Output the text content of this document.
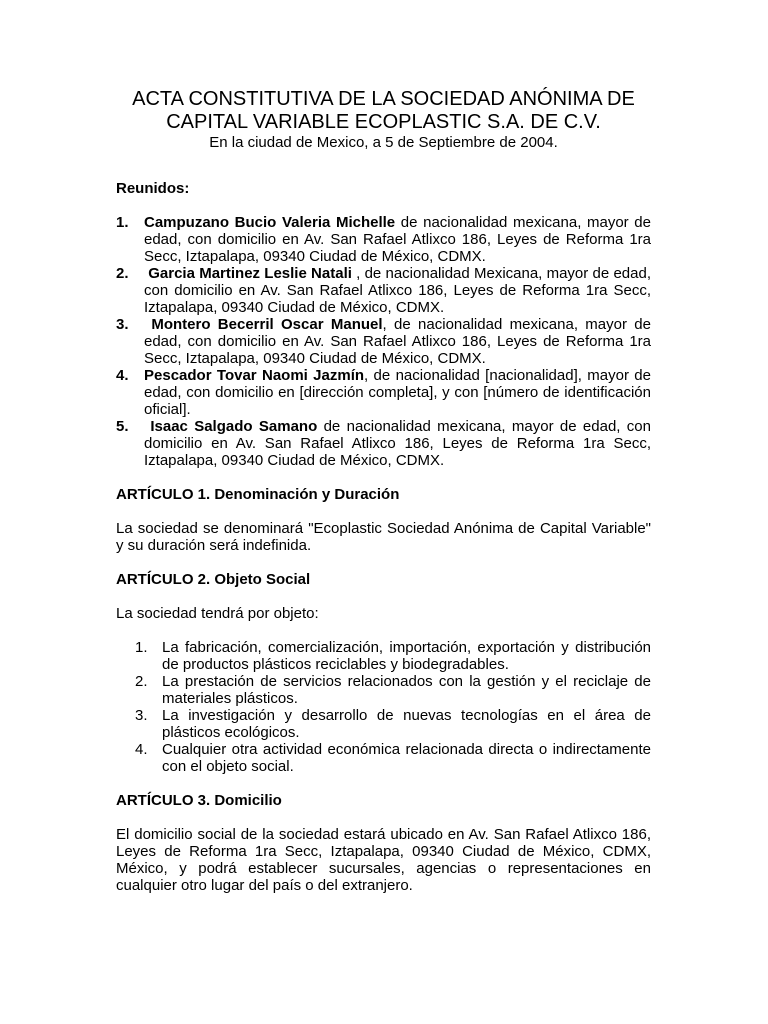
ACTA CONSTITUTIVA DE LA SOCIEDAD ANÓNIMA DE
CAPITAL VARIABLE ECOPLASTIC S.A. DE C.V.
En la ciudad de Mexico, a 5 de Septiembre de 2004.

Reunidos:

1.	Campuzano Bucio Valeria Michelle de nacionalidad mexicana, mayor de edad, con domicilio en Av. San Rafael Atlixco 186, Leyes de Reforma 1ra Secc, Iztapalapa, 09340 Ciudad de México, CDMX.
2.	Garcia Martinez Leslie Natali , de nacionalidad Mexicana, mayor de edad, con domicilio en Av. San Rafael Atlixco 186, Leyes de Reforma 1ra Secc, Iztapalapa, 09340 Ciudad de México, CDMX.
3.	Montero Becerril Oscar Manuel, de nacionalidad mexicana, mayor de edad, con domicilio en Av. San Rafael Atlixco 186, Leyes de Reforma 1ra Secc, Iztapalapa, 09340 Ciudad de México, CDMX.
4.	Pescador Tovar Naomi Jazmín, de nacionalidad [nacionalidad], mayor de edad, con domicilio en [dirección completa], y con [número de identificación oficial].
5.	Isaac Salgado Samano de nacionalidad mexicana, mayor de edad, con domicilio en Av. San Rafael Atlixco 186, Leyes de Reforma 1ra Secc, Iztapalapa, 09340 Ciudad de México, CDMX.

ARTÍCULO 1. Denominación y Duración

La sociedad se denominará "Ecoplastic Sociedad Anónima de Capital Variable" y su duración será indefinida.

ARTÍCULO 2. Objeto Social

La sociedad tendrá por objeto:

1. La fabricación, comercialización, importación, exportación y distribución de productos plásticos reciclables y biodegradables.
2. La prestación de servicios relacionados con la gestión y el reciclaje de materiales plásticos.
3. La investigación y desarrollo de nuevas tecnologías en el área de plásticos ecológicos.
4. Cualquier otra actividad económica relacionada directa o indirectamente con el objeto social.

ARTÍCULO 3. Domicilio

El domicilio social de la sociedad estará ubicado en Av. San Rafael Atlixco 186, Leyes de Reforma 1ra Secc, Iztapalapa, 09340 Ciudad de México, CDMX, México, y podrá establecer sucursales, agencias o representaciones en cualquier otro lugar del país o del extranjero.
